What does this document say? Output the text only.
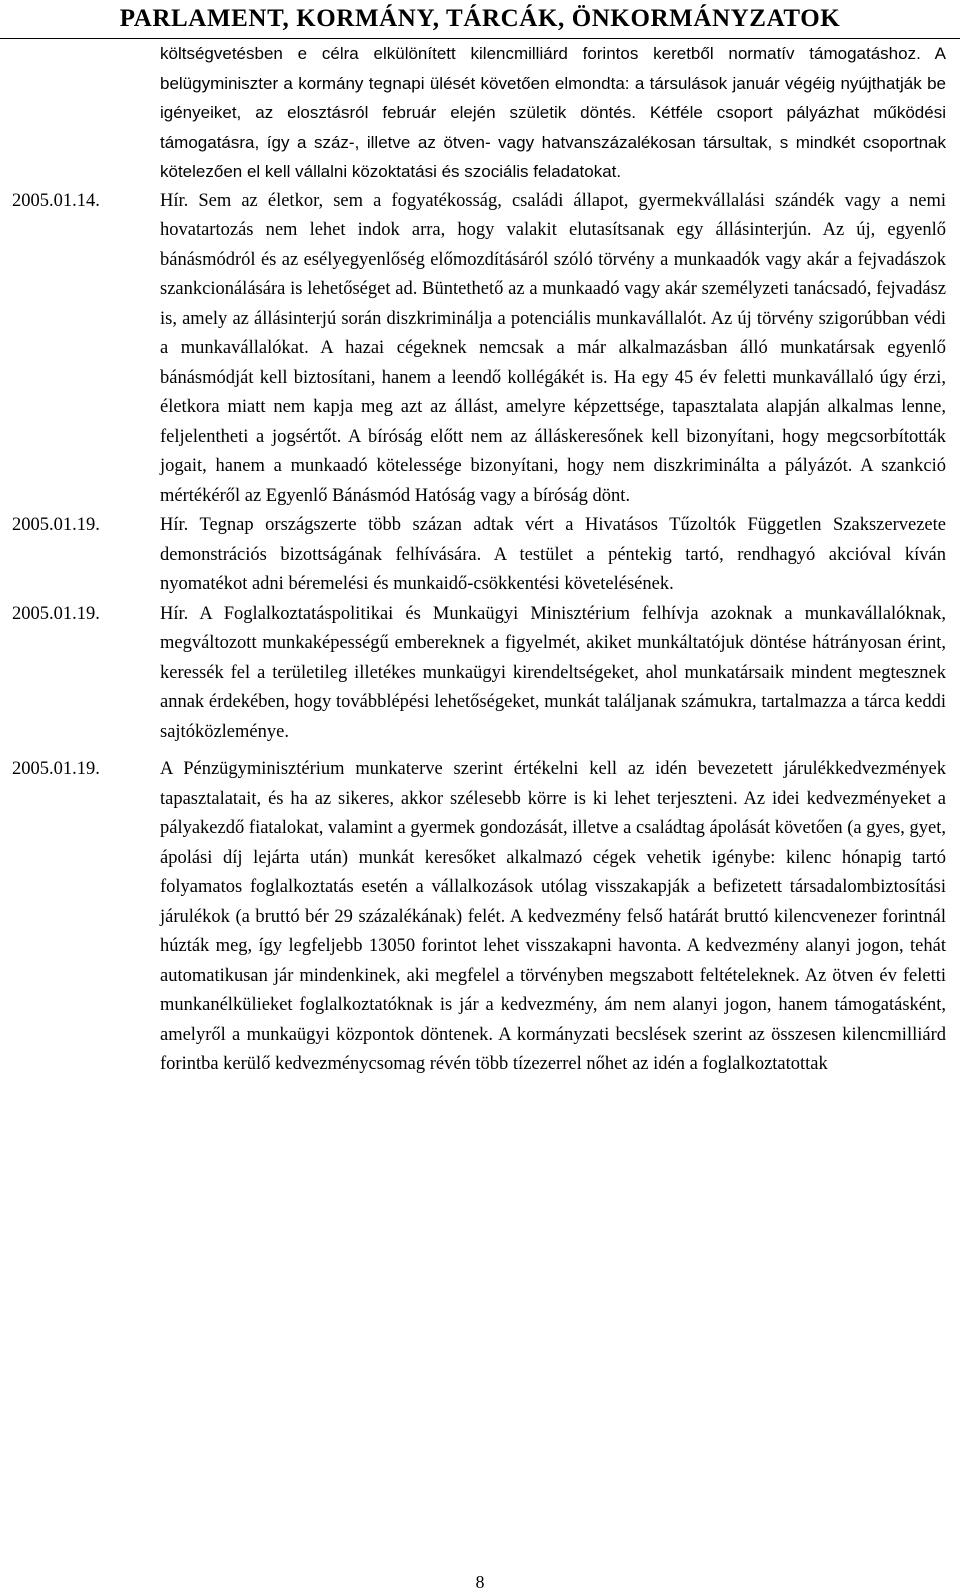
PARLAMENT, KORMÁNY, TÁRCÁK, ÖNKORMÁNYZATOK
költségvetésben e célra elkülönített kilencmilliárd forintos keretből normatív támogatáshoz. A belügyminiszter a kormány tegnapi ülését követően elmondta: a társulások január végéig nyújthatják be igényeiket, az elosztásról február elején születik döntés. Kétféle csoport pályázhat működési támogatásra, így a száz-, illetve az ötven- vagy hatvanszázalékosan társultak, s mindkét csoportnak kötelezően el kell vállalni közoktatási és szociális feladatokat.
2005.01.14.	Hír. Sem az életkor, sem a fogyatékosság, családi állapot, gyermekvállalási szándék vagy a nemi hovatartozás nem lehet indok arra, hogy valakit elutasítsanak egy állásinterjún. Az új, egyenlő bánásmódról és az esélyegyenlőség előmozdításáról szóló törvény a munkaadók vagy akár a fejvadászok szankcionálására is lehetőséget ad. Büntethető az a munkaadó vagy akár személyzeti tanácsadó, fejvadász is, amely az állásinterjú során diszkriminálja a potenciális munkavállalót. Az új törvény szigorúbban védi a munkavállalókat. A hazai cégeknek nemcsak a már alkalmazásban álló munkatársak egyenlő bánásmódját kell biztosítani, hanem a leendő kollégákét is. Ha egy 45 év feletti munkavállaló úgy érzi, életkora miatt nem kapja meg azt az állást, amelyre képzettsége, tapasztalata alapján alkalmas lenne, feljelentheti a jogsértőt. A bíróság előtt nem az álláskeresőnek kell bizonyítani, hogy megcsorbították jogait, hanem a munkaadó kötelessége bizonyítani, hogy nem diszkriminálta a pályázót. A szankció mértékéről az Egyenlő Bánásmód Hatóság vagy a bíróság dönt.
2005.01.19.	Hír. Tegnap országszerte több százan adtak vért a Hivatásos Tűzoltók Független Szakszervezete demonstrációs bizottságának felhívására. A testület a péntekig tartó, rendhagyó akcióval kíván nyomatékot adni béremelési és munkaidő-csökkentési követelésének.
2005.01.19.	Hír. A Foglalkoztatáspolitikai és Munkaügyi Minisztérium felhívja azoknak a munkavállalóknak, megváltozott munkaképességű embereknek a figyelmét, akiket munkáltatójuk döntése hátrányosan érint, keressék fel a területileg illetékes munkaügyi kirendeltségeket, ahol munkatársaik mindent megtesznek annak érdekében, hogy továbblépési lehetőségeket, munkát találjanak számukra, tartalmazza a tárca keddi sajtóközleménye.
2005.01.19.	A Pénzügyminisztérium munkaterve szerint értékelni kell az idén bevezetett járulékkedvezmények tapasztalatait, és ha az sikeres, akkor szélesebb körre is ki lehet terjeszteni. Az idei kedvezményeket a pályakezdő fiatalokat, valamint a gyermek gondozását, illetve a családtag ápolását követően (a gyes, gyet, ápolási díj lejárta után) munkát keresőket alkalmazó cégek vehetik igénybe: kilenc hónapig tartó folyamatos foglalkoztatás esetén a vállalkozások utólag visszakapják a befizetett társadalombiztosítási járulékok (a bruttó bér 29 százalékának) felét. A kedvezmény felső határát bruttó kilencvenezer forintnál húzták meg, így legfeljebb 13050 forintot lehet visszakapni havonta. A kedvezmény alanyi jogon, tehát automatikusan jár mindenkinek, aki megfelel a törvényben megszabott feltételeknek. Az ötven év feletti munkanélkülieket foglalkoztatóknak is jár a kedvezmény, ám nem alanyi jogon, hanem támogatásként, amelyről a munkaügyi központok döntenek. A kormányzati becslések szerint az összesen kilencmilliárd forintba kerülő kedvezménycsomag révén több tízezerrel nőhet az idén a foglalkoztatottak
8
